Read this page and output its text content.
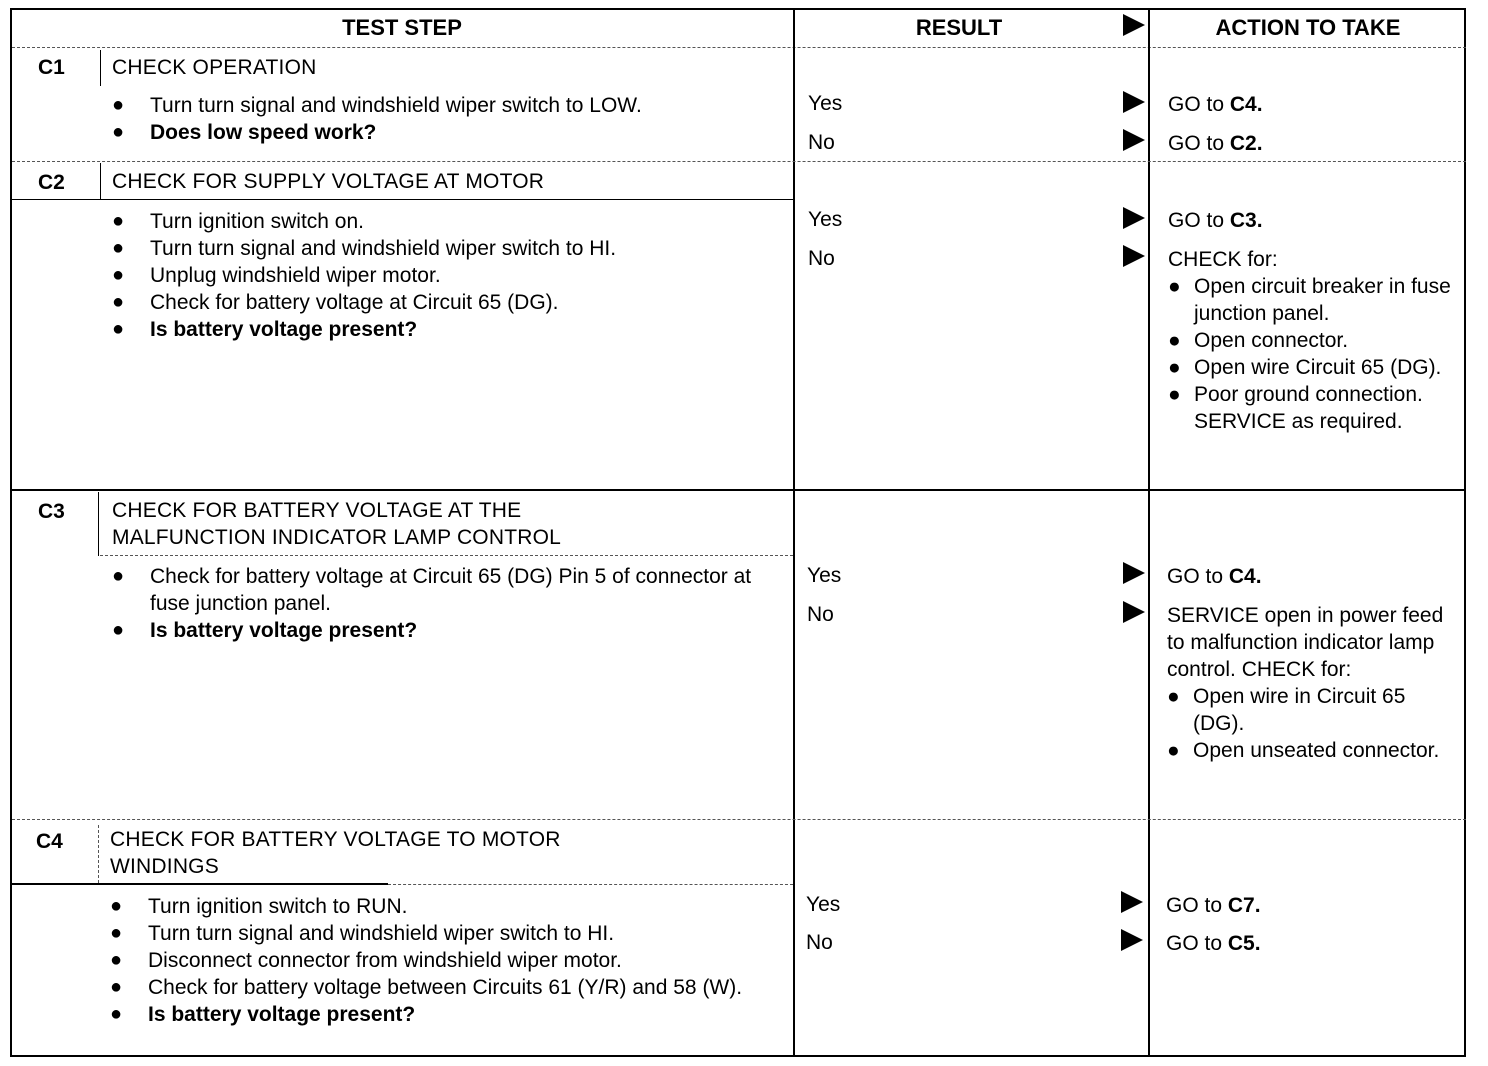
TEST STEP	RESULT	ACTION TO TAKE
C1 CHECK OPERATION
● Turn turn signal and windshield wiper switch to LOW.
● Does low speed work?
Yes	GO to C4.
No	GO to C2.
C2 CHECK FOR SUPPLY VOLTAGE AT MOTOR
● Turn ignition switch on.
● Turn turn signal and windshield wiper switch to HI.
● Unplug windshield wiper motor.
● Check for battery voltage at Circuit 65 (DG).
● Is battery voltage present?
Yes	GO to C3.
No	CHECK for:
● Open circuit breaker in fuse junction panel.
● Open connector.
● Open wire Circuit 65 (DG).
● Poor ground connection. SERVICE as required.
C3 CHECK FOR BATTERY VOLTAGE AT THE MALFUNCTION INDICATOR LAMP CONTROL
● Check for battery voltage at Circuit 65 (DG) Pin 5 of connector at fuse junction panel.
● Is battery voltage present?
Yes	GO to C4.
No	SERVICE open in power feed to malfunction indicator lamp control. CHECK for:
● Open wire in Circuit 65 (DG).
● Open unseated connector.
C4 CHECK FOR BATTERY VOLTAGE TO MOTOR WINDINGS
● Turn ignition switch to RUN.
● Turn turn signal and windshield wiper switch to HI.
● Disconnect connector from windshield wiper motor.
● Check for battery voltage between Circuits 61 (Y/R) and 58 (W).
● Is battery voltage present?
Yes	GO to C7.
No	GO to C5.
